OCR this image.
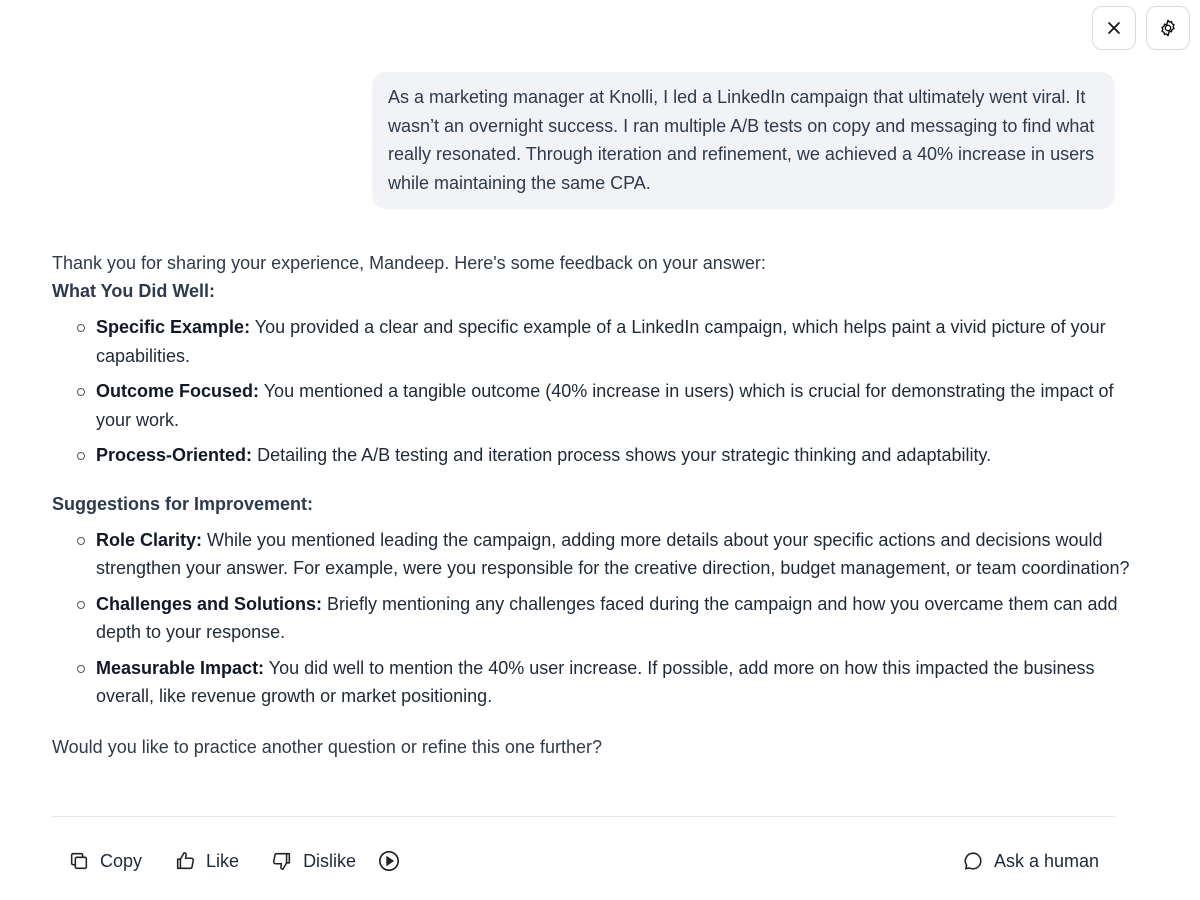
As a marketing manager at Knolli, I led a LinkedIn campaign that ultimately went viral. It wasn’t an overnight success. I ran multiple A/B tests on copy and messaging to find what really resonated. Through iteration and refinement, we achieved a 40% increase in users while maintaining the same CPA.
Thank you for sharing your experience, Mandeep. Here's some feedback on your answer:
What You Did Well:
Specific Example: You provided a clear and specific example of a LinkedIn campaign, which helps paint a vivid picture of your capabilities.
Outcome Focused: You mentioned a tangible outcome (40% increase in users) which is crucial for demonstrating the impact of your work.
Process-Oriented: Detailing the A/B testing and iteration process shows your strategic thinking and adaptability.
Suggestions for Improvement:
Role Clarity: While you mentioned leading the campaign, adding more details about your specific actions and decisions would strengthen your answer. For example, were you responsible for the creative direction, budget management, or team coordination?
Challenges and Solutions: Briefly mentioning any challenges faced during the campaign and how you overcame them can add depth to your response.
Measurable Impact: You did well to mention the 40% user increase. If possible, add more on how this impacted the business overall, like revenue growth or market positioning.
Would you like to practice another question or refine this one further?
Copy	Like	Dislike	Ask a human
